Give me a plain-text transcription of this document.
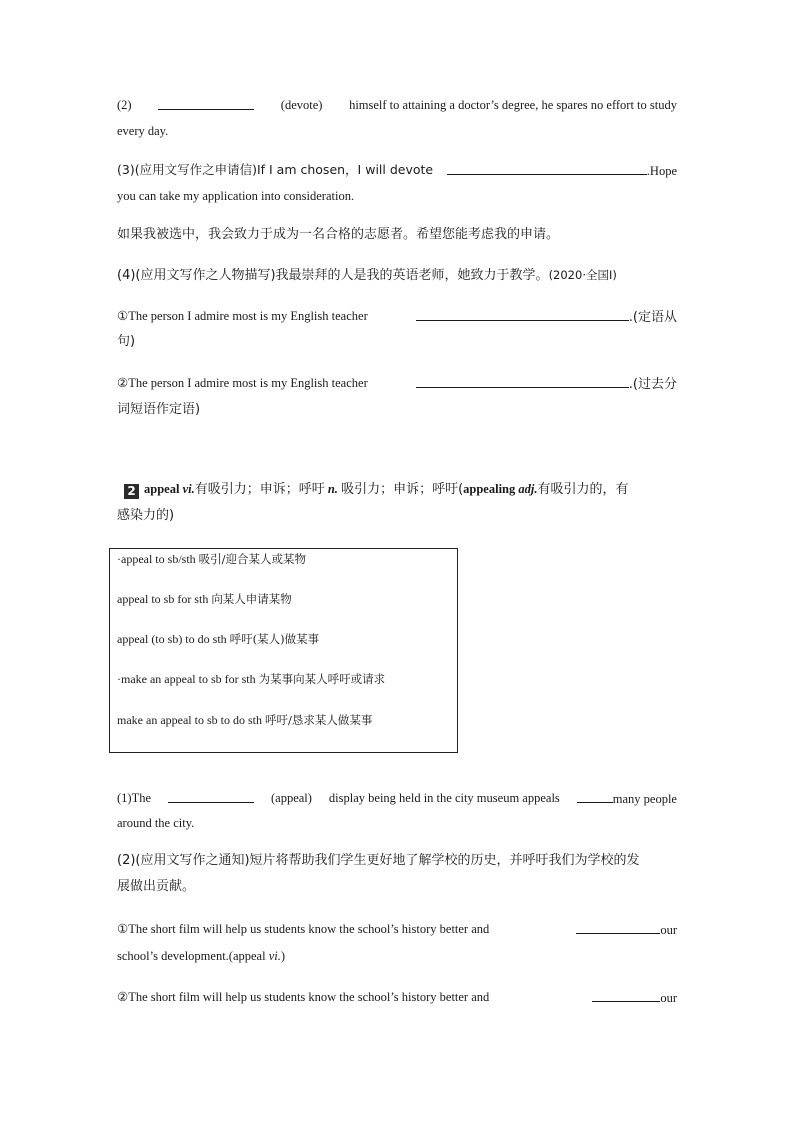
(2)	(devote) himself to attaining a doctor’s degree, he spares no effort to study
every day.
(3)(应用文写作之申请信)If I am chosen，I will devote	.Hope
you can take my application into consideration.
如果我被选中，我会致力于成为一名合格的志愿者。希望您能考虑我的申请。
(4)(应用文写作之人物描写)我最崇拜的人是我的英语老师，她致力于教学。(2020·全国Ⅰ)
①The person I admire most is my English teacher	.(定语从
句)
②The person I admire most is my English teacher	.(过去分
词短语作定语)
2 appeal vi.有吸引力；申诉；呼吁 n. 吸引力；申诉；呼吁(appealing adj.有吸引力的，有
感染力的)
·appeal to sb/sth 吸引/迎合某人或某物
appeal to sb for sth 向某人申请某物
appeal (to sb) to do sth 呼吁(某人)做某事
·make an appeal to sb for sth 为某事向某人呼吁或请求
make an appeal to sb to do sth 呼吁/恳求某人做某事
(1)The	(appeal) display being held in the city museum appeals	many people
around the city.
(2)(应用文写作之通知)短片将帮助我们学生更好地了解学校的历史，并呼吁我们为学校的发
展做出贡献。
①The short film will help us students know the school’s history better and	our
school’s development.(appeal vi.)
②The short film will help us students know the school’s history better and	our
